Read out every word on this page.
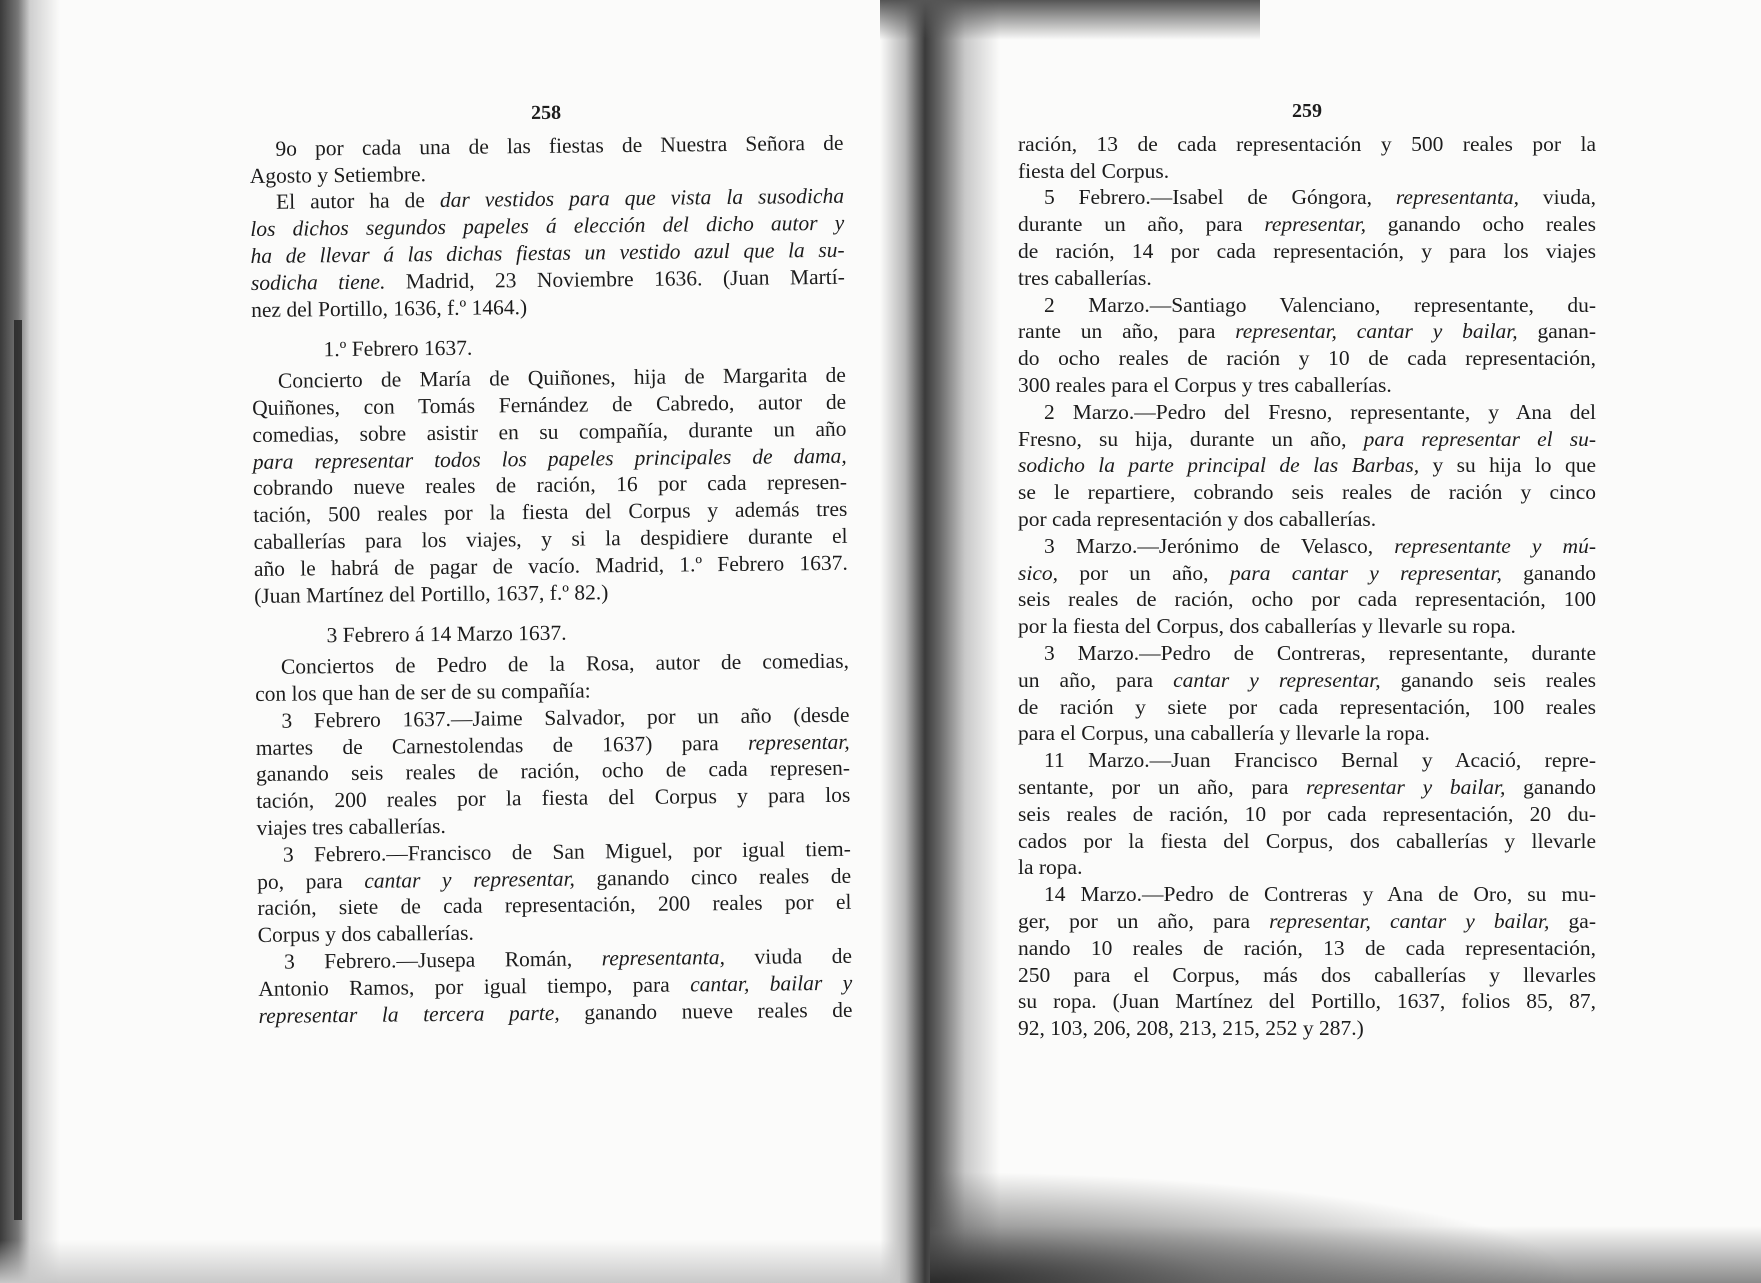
258
9o por cada una de las fiestas de Nuestra Señora de
Agosto y Setiembre.
El autor ha de dar vestidos para que vista la susodicha
los dichos segundos papeles á elección del dicho autor y
ha de llevar á las dichas fiestas un vestido azul que la su-
sodicha tiene. Madrid, 23 Noviembre 1636. (Juan Martí-
nez del Portillo, 1636, f.º 1464.)
1.º Febrero 1637.
Concierto de María de Quiñones, hija de Margarita de
Quiñones, con Tomás Fernández de Cabredo, autor de
comedias, sobre asistir en su compañía, durante un año
para representar todos los papeles principales de dama,
cobrando nueve reales de ración, 16 por cada represen-
tación, 500 reales por la fiesta del Corpus y además tres
caballerías para los viajes, y si la despidiere durante el
año le habrá de pagar de vacío. Madrid, 1.º Febrero 1637.
(Juan Martínez del Portillo, 1637, f.º 82.)
3 Febrero á 14 Marzo 1637.
Conciertos de Pedro de la Rosa, autor de comedias,
con los que han de ser de su compañía:
3 Febrero 1637.—Jaime Salvador, por un año (desde
martes de Carnestolendas de 1637) para representar,
ganando seis reales de ración, ocho de cada represen-
tación, 200 reales por la fiesta del Corpus y para los
viajes tres caballerías.
3 Febrero.—Francisco de San Miguel, por igual tiem-
po, para cantar y representar, ganando cinco reales de
ración, siete de cada representación, 200 reales por el
Corpus y dos caballerías.
3 Febrero.—Jusepa Román, representanta, viuda de
Antonio Ramos, por igual tiempo, para cantar, bailar y
representar la tercera parte, ganando nueve reales de
259
ración, 13 de cada representación y 500 reales por la
fiesta del Corpus.
5 Febrero.—Isabel de Góngora, representanta, viuda,
durante un año, para representar, ganando ocho reales
de ración, 14 por cada representación, y para los viajes
tres caballerías.
2 Marzo.—Santiago Valenciano, representante, du-
rante un año, para representar, cantar y bailar, ganan-
do ocho reales de ración y 10 de cada representación,
300 reales para el Corpus y tres caballerías.
2 Marzo.—Pedro del Fresno, representante, y Ana del
Fresno, su hija, durante un año, para representar el su-
sodicho la parte principal de las Barbas, y su hija lo que
se le repartiere, cobrando seis reales de ración y cinco
por cada representación y dos caballerías.
3 Marzo.—Jerónimo de Velasco, representante y mú-
sico, por un año, para cantar y representar, ganando
seis reales de ración, ocho por cada representación, 100
por la fiesta del Corpus, dos caballerías y llevarle su ropa.
3 Marzo.—Pedro de Contreras, representante, durante
un año, para cantar y representar, ganando seis reales
de ración y siete por cada representación, 100 reales
para el Corpus, una caballería y llevarle la ropa.
11 Marzo.—Juan Francisco Bernal y Acació, repre-
sentante, por un año, para representar y bailar, ganando
seis reales de ración, 10 por cada representación, 20 du-
cados por la fiesta del Corpus, dos caballerías y llevarle
la ropa.
14 Marzo.—Pedro de Contreras y Ana de Oro, su mu-
ger, por un año, para representar, cantar y bailar, ga-
nando 10 reales de ración, 13 de cada representación,
250 para el Corpus, más dos caballerías y llevarles
su ropa. (Juan Martínez del Portillo, 1637, folios 85, 87,
92, 103, 206, 208, 213, 215, 252 y 287.)
